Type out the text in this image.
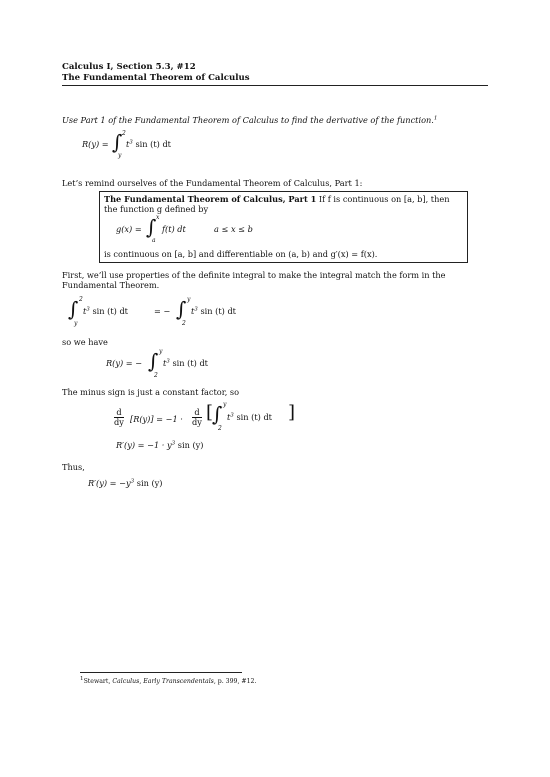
Calculus I, Section 5.3, #12
The Fundamental Theorem of Calculus
Use Part 1 of the Fundamental Theorem of Calculus to find the derivative of the function.$^1$
R(y) = ∫ 2
y
$t^3$ sin (t) dt
Let’s remind ourselves of the Fundamental Theorem of Calculus, Part 1:
The Fundamental Theorem of Calculus, Part 1 If f is continuous on [a, b], then the function g defined by
g(x) = ∫ x
a
f(t) dt	a ≤ x ≤ b
is continuous on [a, b] and differentiable on (a, b) and g′(x) = f(x).
First, we’ll use properties of the definite integral to make the integral match the form in the Fundamental Theorem.
∫ 2
y
$t^3$ sin (t) dt	= − ∫ y
2
$t^3$ sin (t) dt
so we have
R(y) = − ∫ y
2
$t^3$ sin (t) dt
The minus sign is just a constant factor, so
$\frac{d}{dy} [R(y)] = -1 \cdot \frac{d}{dy}$ [
∫ y
2
$t^3$ sin (t) dt ]
$R'(y) = -1 \cdot y^3$ sin (y)
Thus,
$R'(y) = -y^3$ sin (y)
$^1$Stewart, Calculus, Early Transcendentals, p. 399, #12.
